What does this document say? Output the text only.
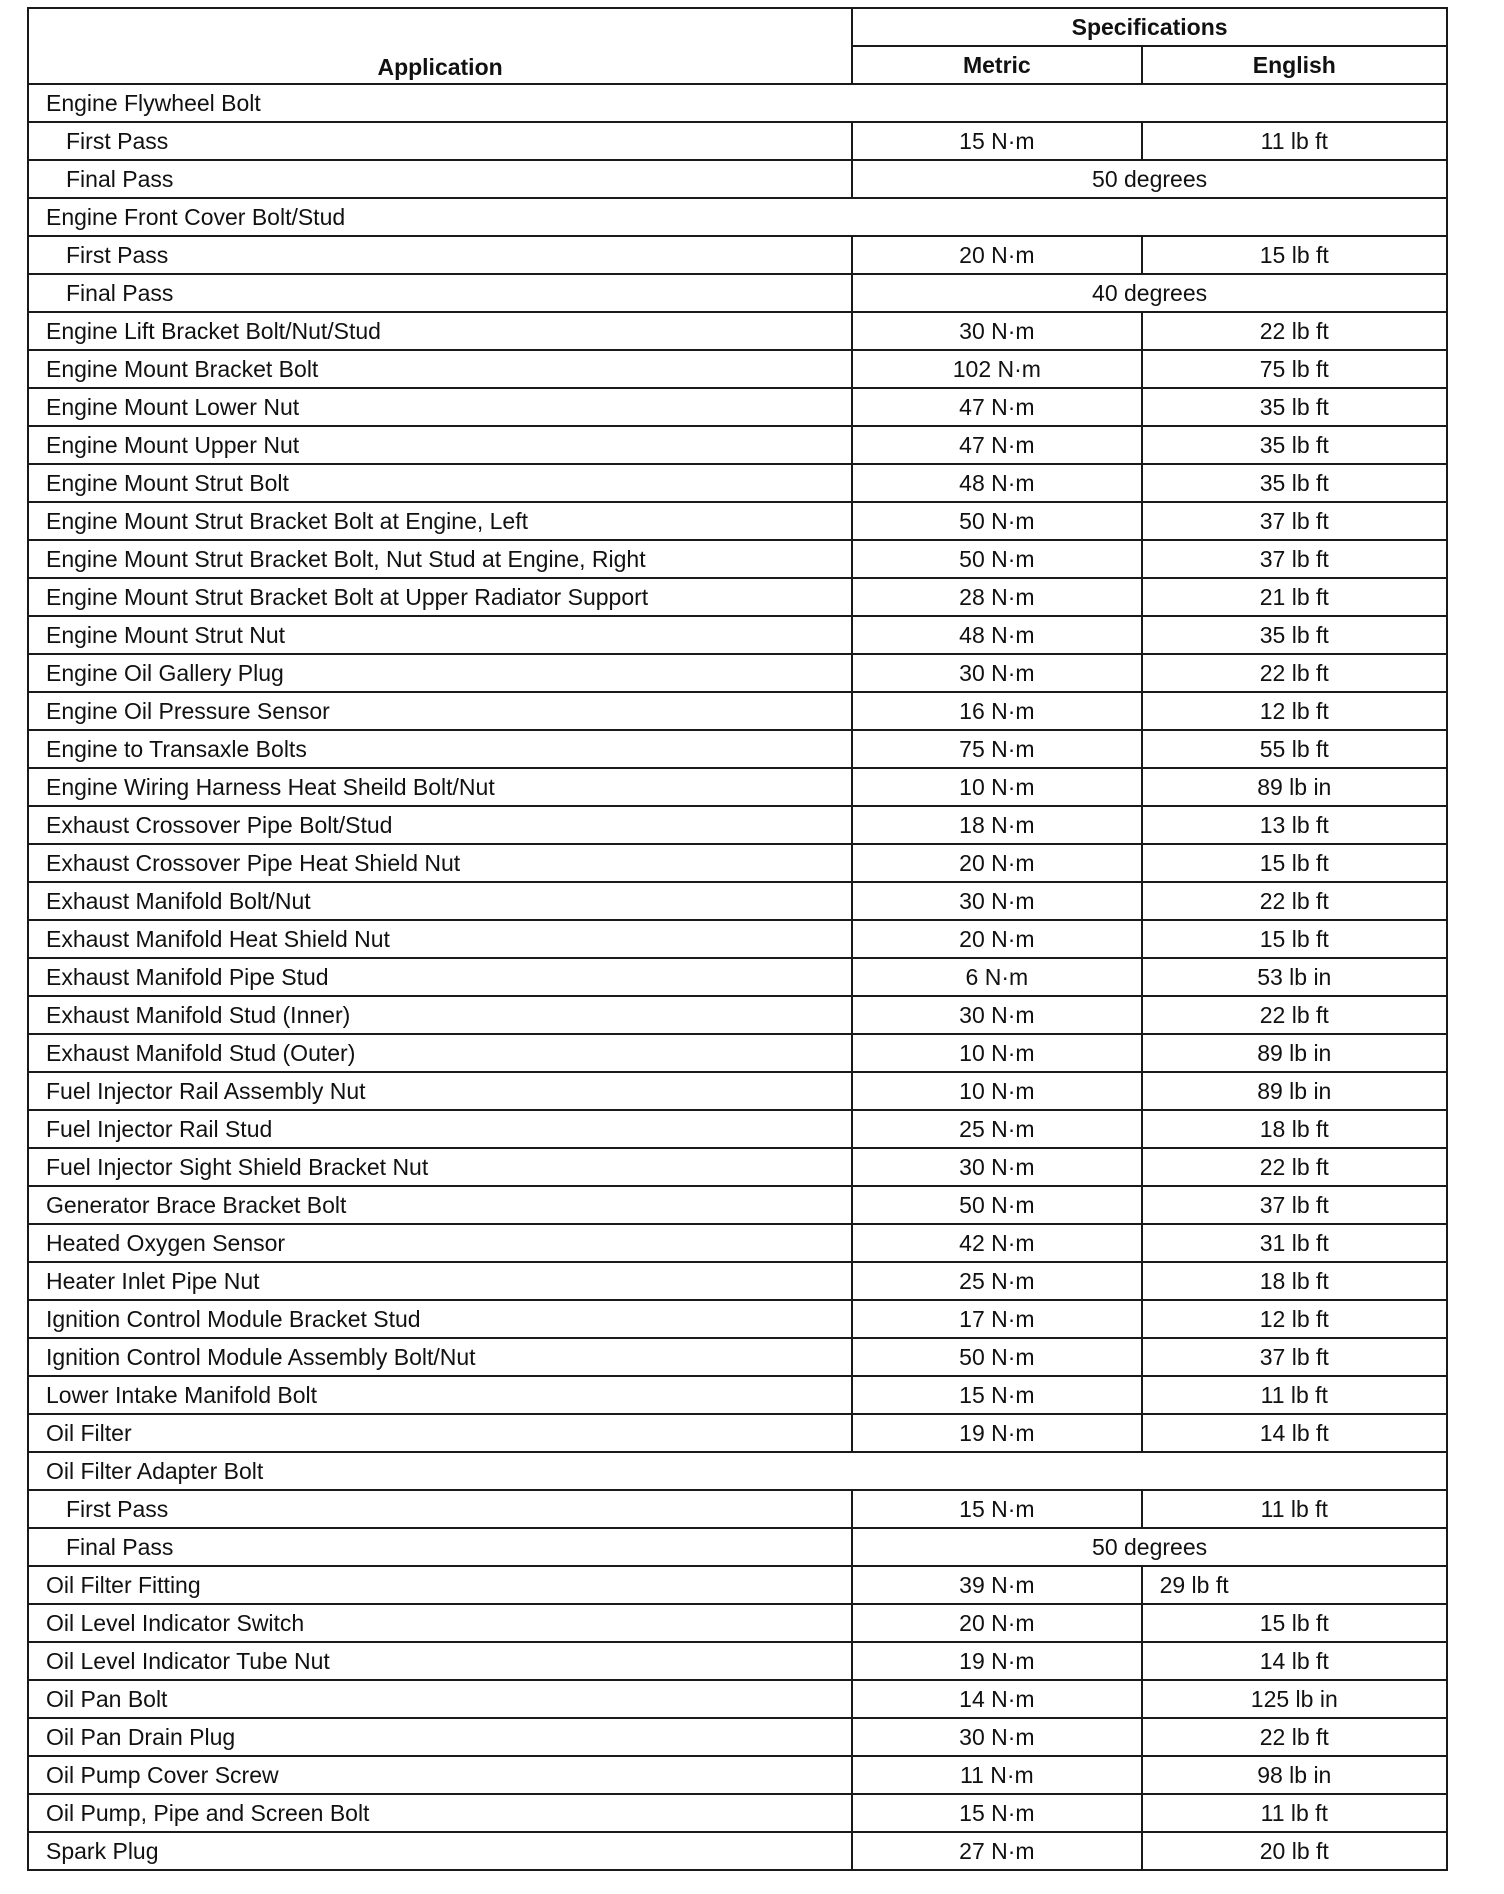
Application	Specifications	
	Metric	English
Engine Flywheel Bolt		
First Pass	15 N·m	11 lb ft
Final Pass	50 degrees	
Engine Front Cover Bolt/Stud		
First Pass	20 N·m	15 lb ft
Final Pass	40 degrees	
Engine Lift Bracket Bolt/Nut/Stud	30 N·m	22 lb ft
Engine Mount Bracket Bolt	102 N·m	75 lb ft
Engine Mount Lower Nut	47 N·m	35 lb ft
Engine Mount Upper Nut	47 N·m	35 lb ft
Engine Mount Strut Bolt	48 N·m	35 lb ft
Engine Mount Strut Bracket Bolt at Engine, Left	50 N·m	37 lb ft
Engine Mount Strut Bracket Bolt, Nut Stud at Engine, Right	50 N·m	37 lb ft
Engine Mount Strut Bracket Bolt at Upper Radiator Support	28 N·m	21 lb ft
Engine Mount Strut Nut	48 N·m	35 lb ft
Engine Oil Gallery Plug	30 N·m	22 lb ft
Engine Oil Pressure Sensor	16 N·m	12 lb ft
Engine to Transaxle Bolts	75 N·m	55 lb ft
Engine Wiring Harness Heat Sheild Bolt/Nut	10 N·m	89 lb in
Exhaust Crossover Pipe Bolt/Stud	18 N·m	13 lb ft
Exhaust Crossover Pipe Heat Shield Nut	20 N·m	15 lb ft
Exhaust Manifold Bolt/Nut	30 N·m	22 lb ft
Exhaust Manifold Heat Shield Nut	20 N·m	15 lb ft
Exhaust Manifold Pipe Stud	6 N·m	53 lb in
Exhaust Manifold Stud (Inner)	30 N·m	22 lb ft
Exhaust Manifold Stud (Outer)	10 N·m	89 lb in
Fuel Injector Rail Assembly Nut	10 N·m	89 lb in
Fuel Injector Rail Stud	25 N·m	18 lb ft
Fuel Injector Sight Shield Bracket Nut	30 N·m	22 lb ft
Generator Brace Bracket Bolt	50 N·m	37 lb ft
Heated Oxygen Sensor	42 N·m	31 lb ft
Heater Inlet Pipe Nut	25 N·m	18 lb ft
Ignition Control Module Bracket Stud	17 N·m	12 lb ft
Ignition Control Module Assembly Bolt/Nut	50 N·m	37 lb ft
Lower Intake Manifold Bolt	15 N·m	11 lb ft
Oil Filter	19 N·m	14 lb ft
Oil Filter Adapter Bolt		
First Pass	15 N·m	11 lb ft
Final Pass	50 degrees	
Oil Filter Fitting	39 N·m	29 lb ft
Oil Level Indicator Switch	20 N·m	15 lb ft
Oil Level Indicator Tube Nut	19 N·m	14 lb ft
Oil Pan Bolt	14 N·m	125 lb in
Oil Pan Drain Plug	30 N·m	22 lb ft
Oil Pump Cover Screw	11 N·m	98 lb in
Oil Pump, Pipe and Screen Bolt	15 N·m	11 lb ft
Spark Plug	27 N·m	20 lb ft
